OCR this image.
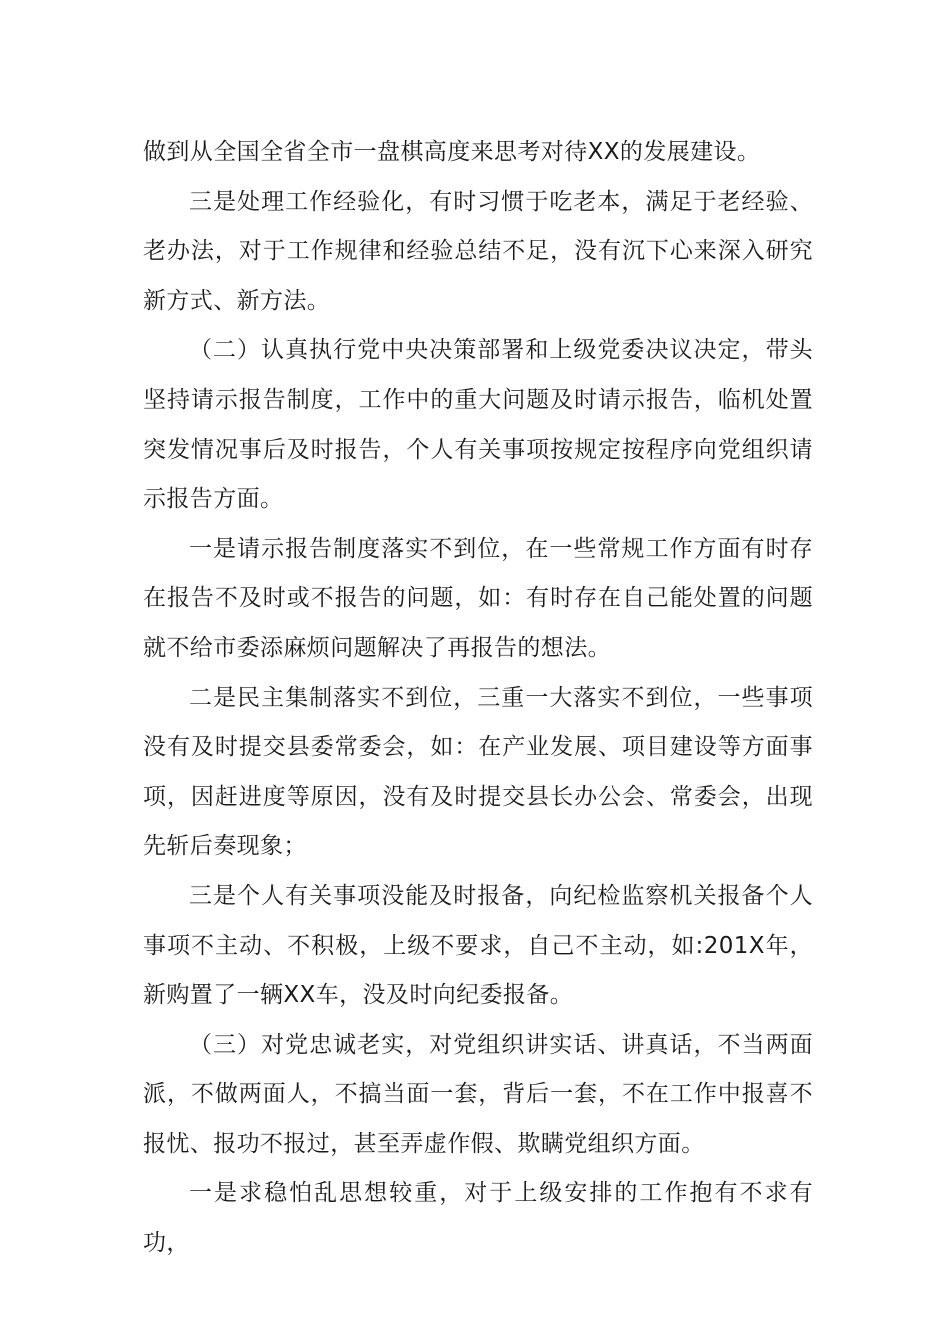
做到从全国全省全市一盘棋高度来思考对待XX的发展建设。

三是处理工作经验化，有时习惯于吃老本，满足于老经验、老办法，对于工作规律和经验总结不足，没有沉下心来深入研究新方式、新方法。

（二）认真执行党中央决策部署和上级党委决议决定，带头坚持请示报告制度，工作中的重大问题及时请示报告，临机处置突发情况事后及时报告，个人有关事项按规定按程序向党组织请示报告方面。

一是请示报告制度落实不到位，在一些常规工作方面有时存在报告不及时或不报告的问题，如：有时存在自己能处置的问题就不给市委添麻烦问题解决了再报告的想法。

二是民主集制落实不到位，三重一大落实不到位，一些事项没有及时提交县委常委会，如：在产业发展、项目建设等方面事项，因赶进度等原因，没有及时提交县长办公会、常委会，出现先斩后奏现象；

三是个人有关事项没能及时报备，向纪检监察机关报备个人事项不主动、不积极，上级不要求，自己不主动，如:201X年，新购置了一辆XX车，没及时向纪委报备。

（三）对党忠诚老实，对党组织讲实话、讲真话，不当两面派，不做两面人，不搞当面一套，背后一套，不在工作中报喜不报忧、报功不报过，甚至弄虚作假、欺瞒党组织方面。

一是求稳怕乱思想较重，对于上级安排的工作抱有不求有功，
